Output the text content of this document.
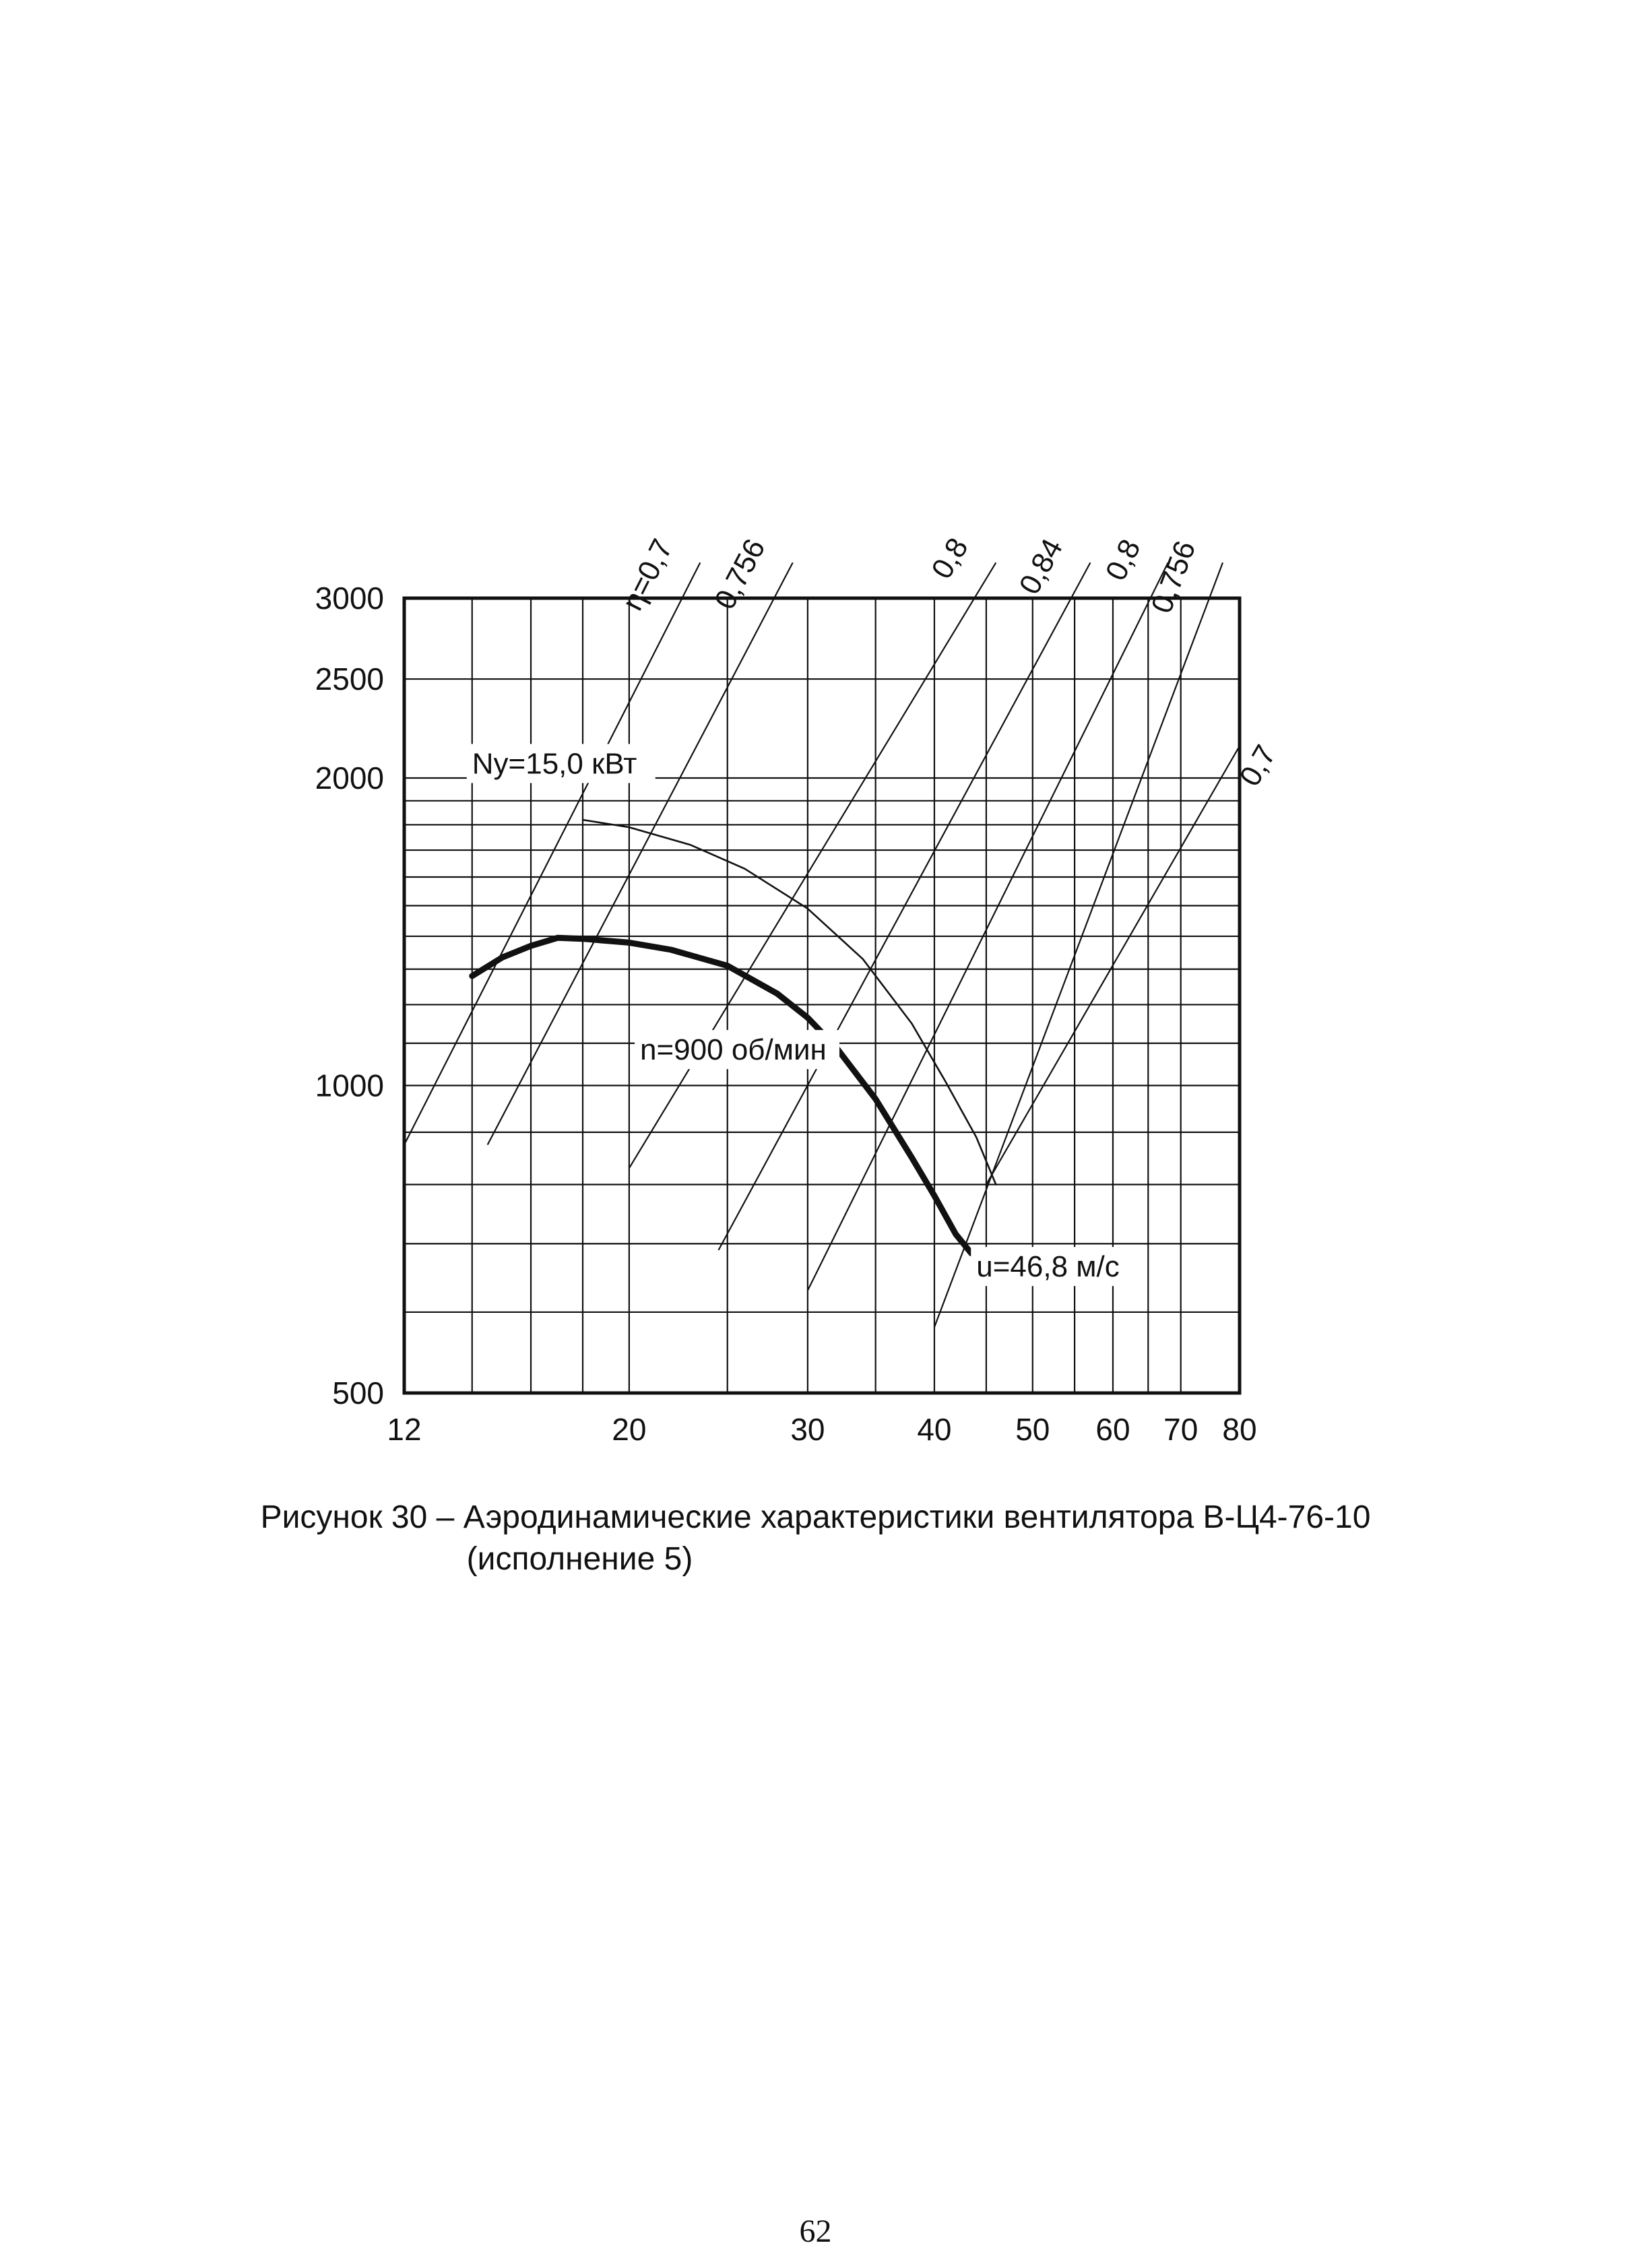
η=0,7 0,756	0,8 0,84 0,8
0,756
0,7
12	20	30	40 50 60 70 80
500
1000
2000
2500
3000
Ny=15,0 кВт
n=900 об/мин
u=46,8 м/с
Рисунок 30 – Аэродинамические характеристики вентилятора В-Ц4-76-10
(исполнение 5)
62
